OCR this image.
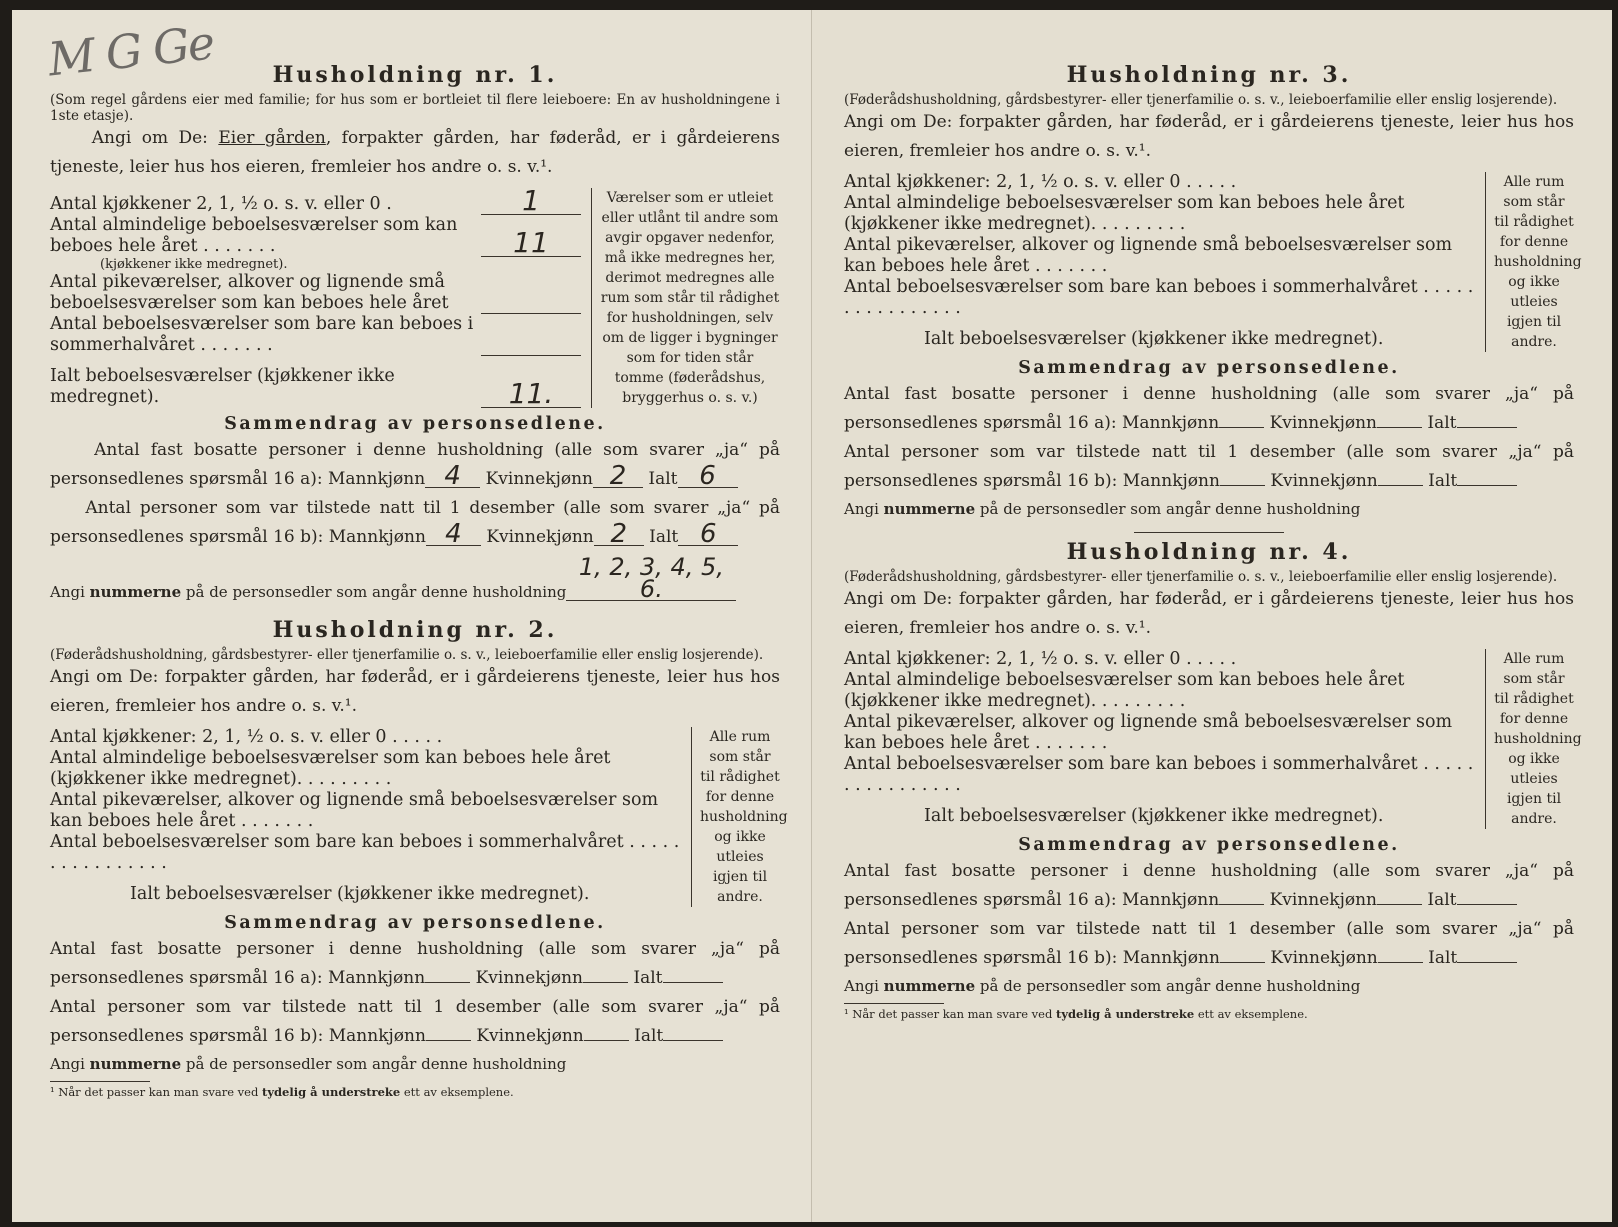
M G Ge	Husholdning nr. 1.

(Som regel gårdens eier med familie; for hus som er bortleiet til flere leieboere: En av husholdningene i 1ste etasje).

Angi om De: Eier gården, forpakter gården, har føderåd, er i gårdeierens tjeneste, leier hus hos eieren, fremleier hos andre o. s. v.¹.

Antal kjøkkener 2, 1, ½ o. s. v. eller 0 .	1
Antal almindelige beboelsesværelser som kan beboes hele året . . . . . . .	11
(kjøkkener ikke medregnet).
Antal pikeværelser, alkover og lignende små beboelsesværelser som kan beboes hele året
Antal beboelsesværelser som bare kan beboes i sommerhalvåret . . . . . . .
Ialt beboelsesværelser (kjøkkener ikke medregnet).	11.
Værelser som er utleiet eller utlånt til andre som avgir opgaver nedenfor, må ikke medregnes her, derimot medregnes alle rum som står til rådighet for husholdningen, selv om de ligger i bygninger som for tiden står tomme (føderådshus, bryggerhus o. s. v.)
Sammendrag av personsedlene.

Antal fast bosatte personer i denne husholdning (alle som svarer „ja“ på personsedlenes spørsmål 16 a): Mannkjønn 4 Kvinnekjønn 2 Ialt 6

Antal personer som var tilstede natt til 1 desember (alle som svarer „ja“ på personsedlenes spørsmål 16 b): Mannkjønn 4 Kvinnekjønn 2 Ialt 6

Angi nummerne på de personsedler som angår denne husholdning1, 2, 3, 4, 5, 6.
Husholdning nr. 2.

(Føderådshusholdning, gårdsbestyrer- eller tjenerfamilie o. s. v., leieboerfamilie eller enslig losjerende).

Angi om De: forpakter gården, har føderåd, er i gårdeierens tjeneste, leier hus hos eieren, fremleier hos andre o. s. v.¹.

Antal kjøkkener: 2, 1, ½ o. s. v. eller 0 . . . . .
Antal almindelige beboelsesværelser som kan beboes hele året (kjøkkener ikke medregnet). . . . . . . . .
Antal pikeværelser, alkover og lignende små beboelsesværelser som kan beboes hele året . . . . . . .
Antal beboelsesværelser som bare kan beboes i sommerhalvåret . . . . . . . . . . . . . . . .
Ialt beboelsesværelser (kjøkkener ikke medregnet).
Alle rum som står til rådighet for denne husholdning og ikke utleies igjen til andre.
Sammendrag av personsedlene.

Antal fast bosatte personer i denne husholdning (alle som svarer „ja“ på personsedlenes spørsmål 16 a): Mannkjønn	Kvinnekjønn	Ialt

Antal personer som var tilstede natt til 1 desember (alle som svarer „ja“ på personsedlenes spørsmål 16 b): Mannkjønn	Kvinnekjønn	Ialt

Angi nummerne på de personsedler som angår denne husholdning
¹ Når det passer kan man svare ved tydelig å understreke ett av eksemplene.
Husholdning nr. 3.

(Føderådshusholdning, gårdsbestyrer- eller tjenerfamilie o. s. v., leieboerfamilie eller enslig losjerende).

Angi om De: forpakter gården, har føderåd, er i gårdeierens tjeneste, leier hus hos eieren, fremleier hos andre o. s. v.¹.

Antal kjøkkener: 2, 1, ½ o. s. v. eller 0 . . . . .
Antal almindelige beboelsesværelser som kan beboes hele året (kjøkkener ikke medregnet). . . . . . . . .
Antal pikeværelser, alkover og lignende små beboelsesværelser som kan beboes hele året . . . . . . .
Antal beboelsesværelser som bare kan beboes i sommerhalvåret . . . . . . . . . . . . . . . .
Ialt beboelsesværelser (kjøkkener ikke medregnet).
Alle rum som står til rådighet for denne husholdning og ikke utleies igjen til andre.
Sammendrag av personsedlene.

Antal fast bosatte personer i denne husholdning (alle som svarer „ja“ på personsedlenes spørsmål 16 a): Mannkjønn	Kvinnekjønn	Ialt

Antal personer som var tilstede natt til 1 desember (alle som svarer „ja“ på personsedlenes spørsmål 16 b): Mannkjønn	Kvinnekjønn	Ialt

Angi nummerne på de personsedler som angår denne husholdning
Husholdning nr. 4.

(Føderådshusholdning, gårdsbestyrer- eller tjenerfamilie o. s. v., leieboerfamilie eller enslig losjerende).

Angi om De: forpakter gården, har føderåd, er i gårdeierens tjeneste, leier hus hos eieren, fremleier hos andre o. s. v.¹.

Antal kjøkkener: 2, 1, ½ o. s. v. eller 0 . . . . .
Antal almindelige beboelsesværelser som kan beboes hele året (kjøkkener ikke medregnet). . . . . . . . .
Antal pikeværelser, alkover og lignende små beboelsesværelser som kan beboes hele året . . . . . . .
Antal beboelsesværelser som bare kan beboes i sommerhalvåret . . . . . . . . . . . . . . . .
Ialt beboelsesværelser (kjøkkener ikke medregnet).
Alle rum som står til rådighet for denne husholdning og ikke utleies igjen til andre.
Sammendrag av personsedlene.

Antal fast bosatte personer i denne husholdning (alle som svarer „ja“ på personsedlenes spørsmål 16 a): Mannkjønn	Kvinnekjønn	Ialt

Antal personer som var tilstede natt til 1 desember (alle som svarer „ja“ på personsedlenes spørsmål 16 b): Mannkjønn	Kvinnekjønn	Ialt

Angi nummerne på de personsedler som angår denne husholdning
¹ Når det passer kan man svare ved tydelig å understreke ett av eksemplene.
